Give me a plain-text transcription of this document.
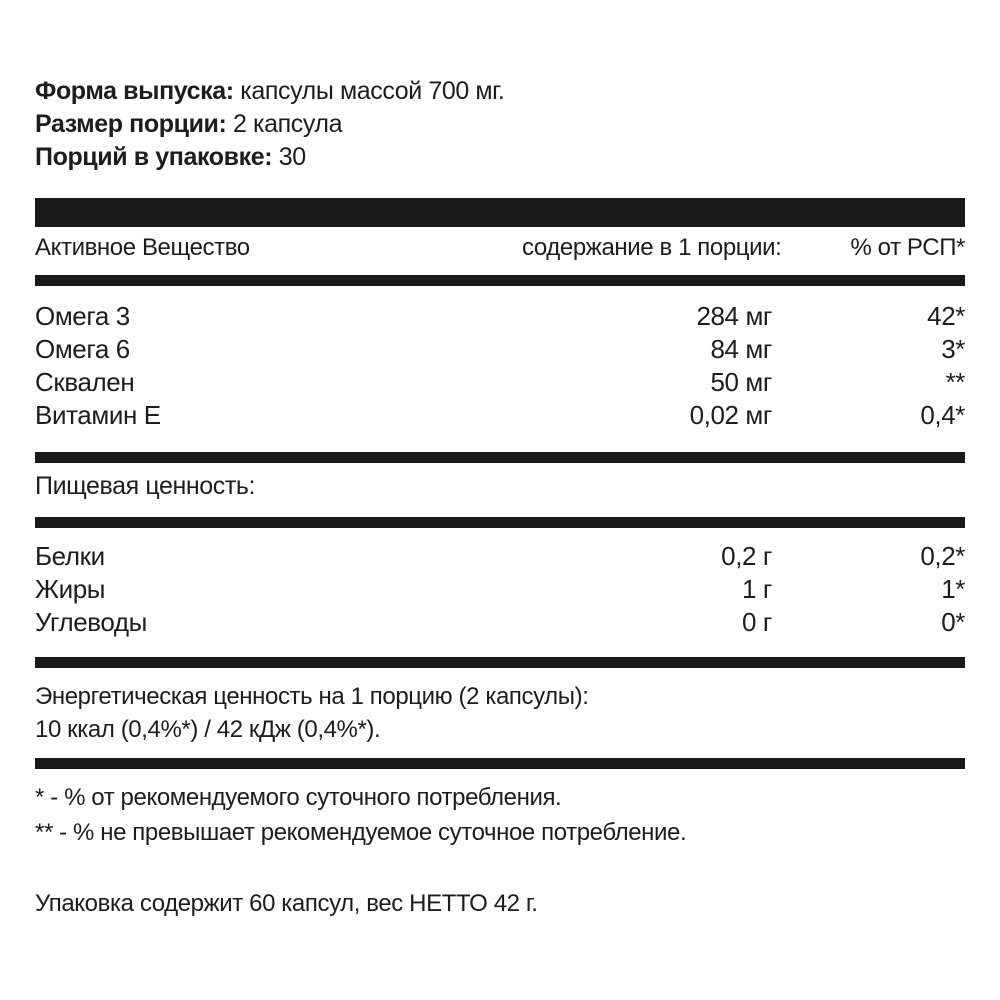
Форма выпуска: капсулы массой 700 мг.
Размер порции: 2 капсула
Порций в упаковке: 30
Активное Вещество	содержание в 1 порции:	% от РСП*
Омега 3	284 мг	42*
Омега 6	84 мг	3*
Сквален	50 мг	**
Витамин Е	0,02 мг	0,4*
Пищевая ценность:
Белки	0,2 г	0,2*
Жиры	1 г	1*
Углеводы	0 г	0*
Энергетическая ценность на 1 порцию (2 капсулы):
10 ккал (0,4%*) / 42 кДж (0,4%*).
* - % от рекомендуемого суточного потребления.
** - % не превышает рекомендуемое суточное потребление.
Упаковка содержит 60 капсул, вес НЕТТО 42 г.
